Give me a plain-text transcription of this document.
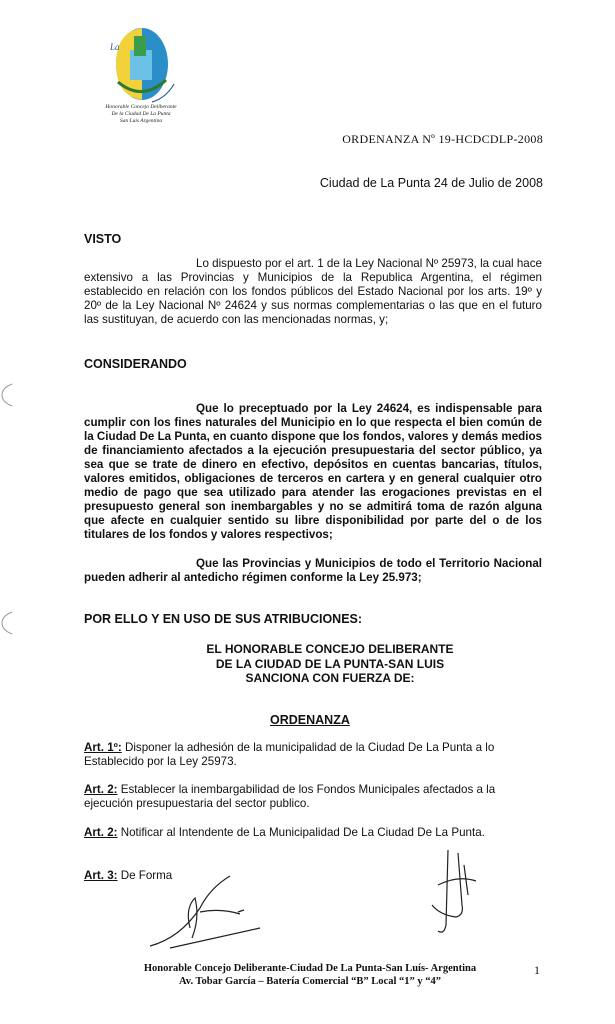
La
Honorable Concejo Deliberante
De la Ciudad De La Punta
San Luis Argentina
ORDENANZA Nº 19-HCDCDLP-2008
Ciudad de La Punta 24 de Julio de 2008
VISTO
Lo dispuesto por el art. 1 de la Ley Nacional Nº 25973, la cual hace extensivo a las Provincias y Municipios de la Republica Argentina, el régimen establecido en relación con los fondos públicos del Estado Nacional por los arts. 19º y 20º de la Ley Nacional Nº 24624 y sus normas complementarias o las que en el futuro las sustituyan, de acuerdo con las mencionadas normas, y;
CONSIDERANDO
Que lo preceptuado por la Ley 24624, es indispensable para cumplir con los fines naturales del Municipio en lo que respecta el bien común de la Ciudad De La Punta, en cuanto dispone que los fondos, valores y demás medios de financiamiento afectados a la ejecución presupuestaria del sector público, ya sea que se trate de dinero en efectivo, depósitos en cuentas bancarias, títulos, valores emitidos, obligaciones de terceros en cartera y en general cualquier otro medio de pago que sea utilizado para atender las erogaciones previstas en el presupuesto general son inembargables y no se admitirá toma de razón alguna que afecte en cualquier sentido su libre disponibilidad por parte del o de los titulares de los fondos y valores respectivos;
Que las Provincias y Municipios de todo el Territorio Nacional pueden adherir al antedicho régimen conforme la Ley 25.973;
POR ELLO Y EN USO DE SUS ATRIBUCIONES:
EL HONORABLE CONCEJO DELIBERANTE
DE LA CIUDAD DE LA PUNTA-SAN LUIS
SANCIONA CON FUERZA DE:
ORDENANZA
Art. 1º: Disponer la adhesión de la municipalidad de la Ciudad De La Punta a lo Establecido por la Ley 25973.
Art. 2: Establecer la inembargabilidad de los Fondos Municipales afectados a la ejecución presupuestaria del sector publico.
Art. 2: Notificar al Intendente de La Municipalidad De La Ciudad De La Punta.
Art. 3: De Forma
Honorable Concejo Deliberante-Ciudad De La Punta-San Luís- Argentina
Av. Tobar García – Batería Comercial “B” Local “1” y “4”
1
